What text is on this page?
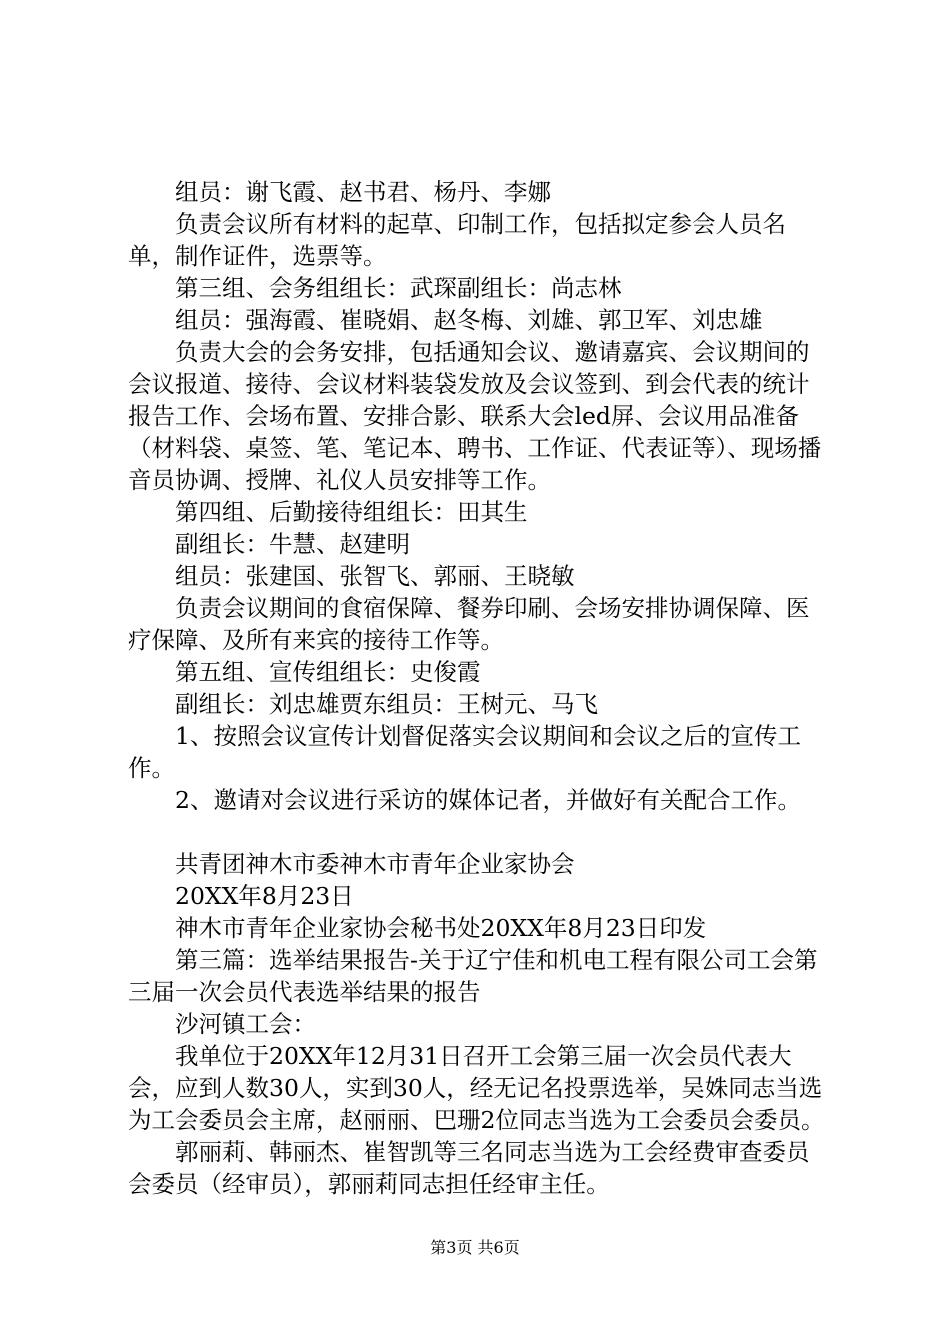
组员：谢飞霞、赵书君、杨丹、李娜

负责会议所有材料的起草、印制工作，包括拟定参会人员名单，制作证件，选票等。

第三组、会务组组长：武琛副组长：尚志林

组员：强海霞、崔晓娟、赵冬梅、刘雄、郭卫军、刘忠雄

负责大会的会务安排，包括通知会议、邀请嘉宾、会议期间的会议报道、接待、会议材料装袋发放及会议签到、到会代表的统计报告工作、会场布置、安排合影、联系大会led屏、会议用品准备（材料袋、桌签、笔、笔记本、聘书、工作证、代表证等）、现场播音员协调、授牌、礼仪人员安排等工作。

第四组、后勤接待组组长：田其生

副组长：牛慧、赵建明

组员：张建国、张智飞、郭丽、王晓敏

负责会议期间的食宿保障、餐券印刷、会场安排协调保障、医疗保障、及所有来宾的接待工作等。

第五组、宣传组组长：史俊霞

副组长：刘忠雄贾东组员：王树元、马飞

1、按照会议宣传计划督促落实会议期间和会议之后的宣传工作。

2、邀请对会议进行采访的媒体记者，并做好有关配合工作。

共青团神木市委神木市青年企业家协会

20XX年8月23日

神木市青年企业家协会秘书处20XX年8月23日印发

第三篇：选举结果报告-关于辽宁佳和机电工程有限公司工会第三届一次会员代表选举结果的报告

沙河镇工会：

我单位于20XX年12月31日召开工会第三届一次会员代表大会，应到人数30人，实到30人，经无记名投票选举，吴姝同志当选为工会委员会主席，赵丽丽、巴珊2位同志当选为工会委员会委员。

郭丽莉、韩丽杰、崔智凯等三名同志当选为工会经费审查委员会委员（经审员），郭丽莉同志担任经审主任。

第3页 共6页
